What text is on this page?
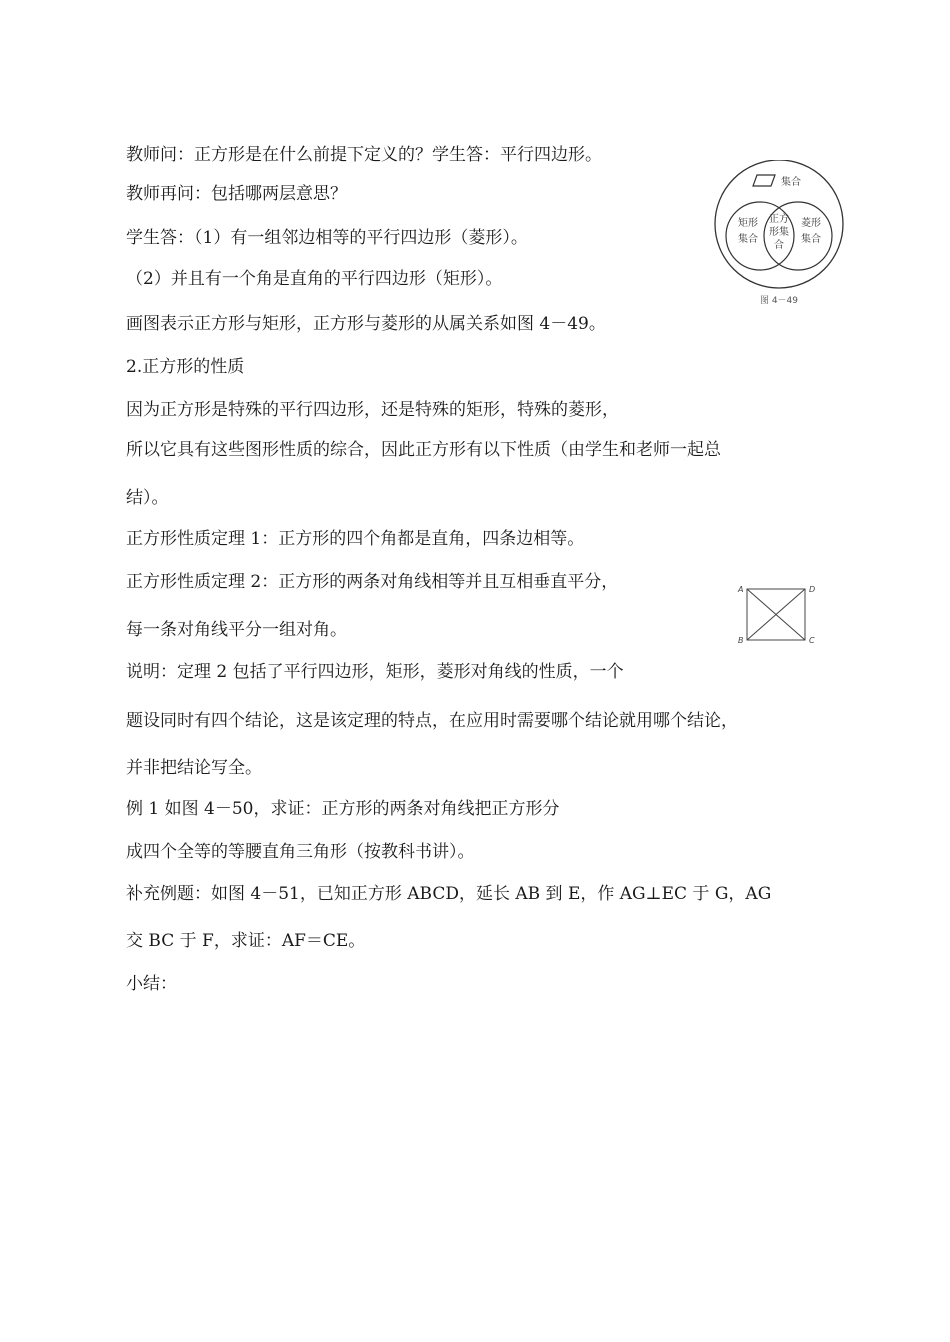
教师问：正方形是在什么前提下定义的？学生答：平行四边形。
教师再问：包括哪两层意思？
学生答：（1）有一组邻边相等的平行四边形（菱形）。
（2）并且有一个角是直角的平行四边形（矩形）。
画图表示正方形与矩形，正方形与菱形的从属关系如图 4－49。
2.正方形的性质
因为正方形是特殊的平行四边形，还是特殊的矩形，特殊的菱形，
所以它具有这些图形性质的综合，因此正方形有以下性质（由学生和老师一起总
结）。
正方形性质定理 1：正方形的四个角都是直角，四条边相等。
正方形性质定理 2：正方形的两条对角线相等并且互相垂直平分，
每一条对角线平分一组对角。
说明：定理 2 包括了平行四边形，矩形，菱形对角线的性质，一个
题设同时有四个结论，这是该定理的特点，在应用时需要哪个结论就用哪个结论，
并非把结论写全。
例 1 如图 4－50，求证：正方形的两条对角线把正方形分
成四个全等的等腰直角三角形（按教科书讲）。
补充例题：如图 4－51，已知正方形 ABCD，延长 AB 到 E，作 AG⊥EC 于 G，AG
交 BC 于 F，求证：AF＝CE。
小结：
集合
矩形
集合
正方
形集
合
菱形
集合
图 4－49
A
B	C
D
